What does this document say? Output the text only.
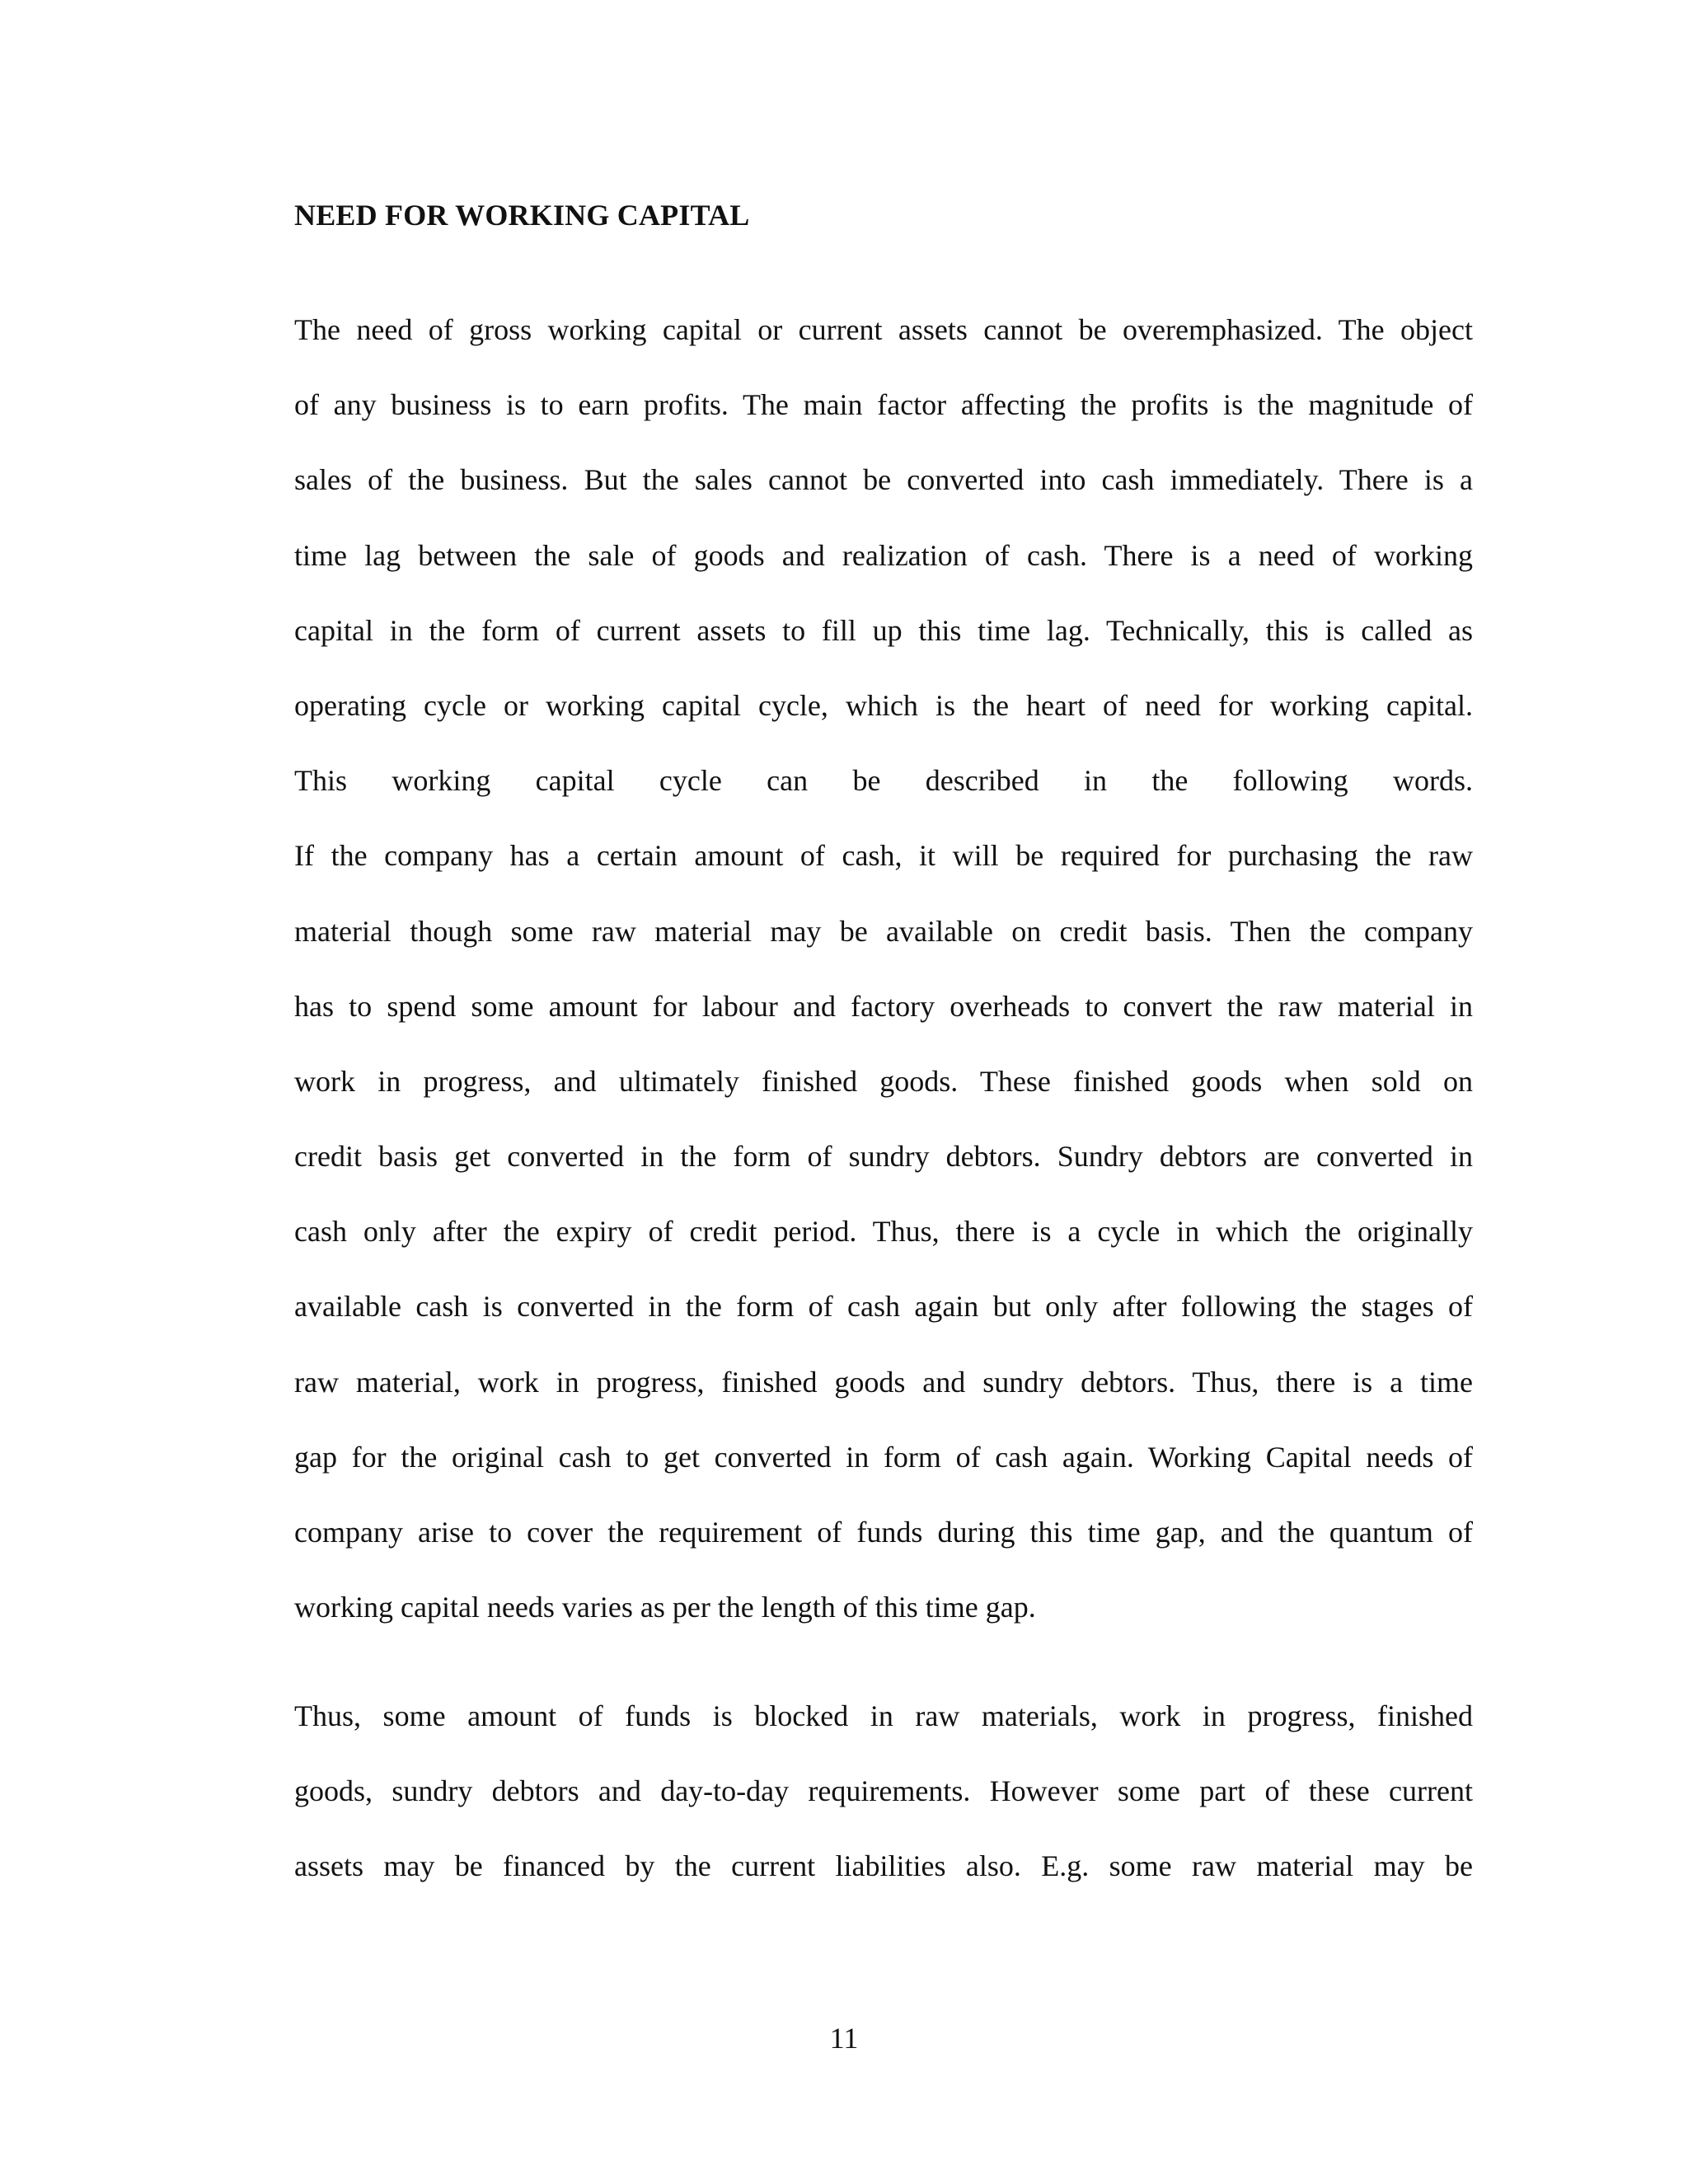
NEED FOR WORKING CAPITAL
The need of gross working capital or current assets cannot be overemphasized. The object
of any business is to earn profits. The main factor affecting the profits is the magnitude of
sales of the business. But the sales cannot be converted into cash immediately. There is a
time lag between the sale of goods and realization of cash. There is a need of working
capital in the form of current assets to fill up this time lag. Technically, this is called as
operating cycle or working capital cycle, which is the heart of need for working capital.
This working capital cycle can be described in the following words.
If the company has a certain amount of cash, it will be required for purchasing the raw
material though some raw material may be available on credit basis. Then the company
has to spend some amount for labour and factory overheads to convert the raw material in
work in progress, and ultimately finished goods. These finished goods when sold on
credit basis get converted in the form of sundry debtors. Sundry debtors are converted in
cash only after the expiry of credit period. Thus, there is a cycle in which the originally
available cash is converted in the form of cash again but only after following the stages of
raw material, work in progress, finished goods and sundry debtors. Thus, there is a time
gap for the original cash to get converted in form of cash again. Working Capital needs of
company arise to cover the requirement of funds during this time gap, and the quantum of
working capital needs varies as per the length of this time gap.
Thus, some amount of funds is blocked in raw materials, work in progress, finished
goods, sundry debtors and day-to-day requirements. However some part of these current
assets may be financed by the current liabilities also. E.g. some raw material may be
11
